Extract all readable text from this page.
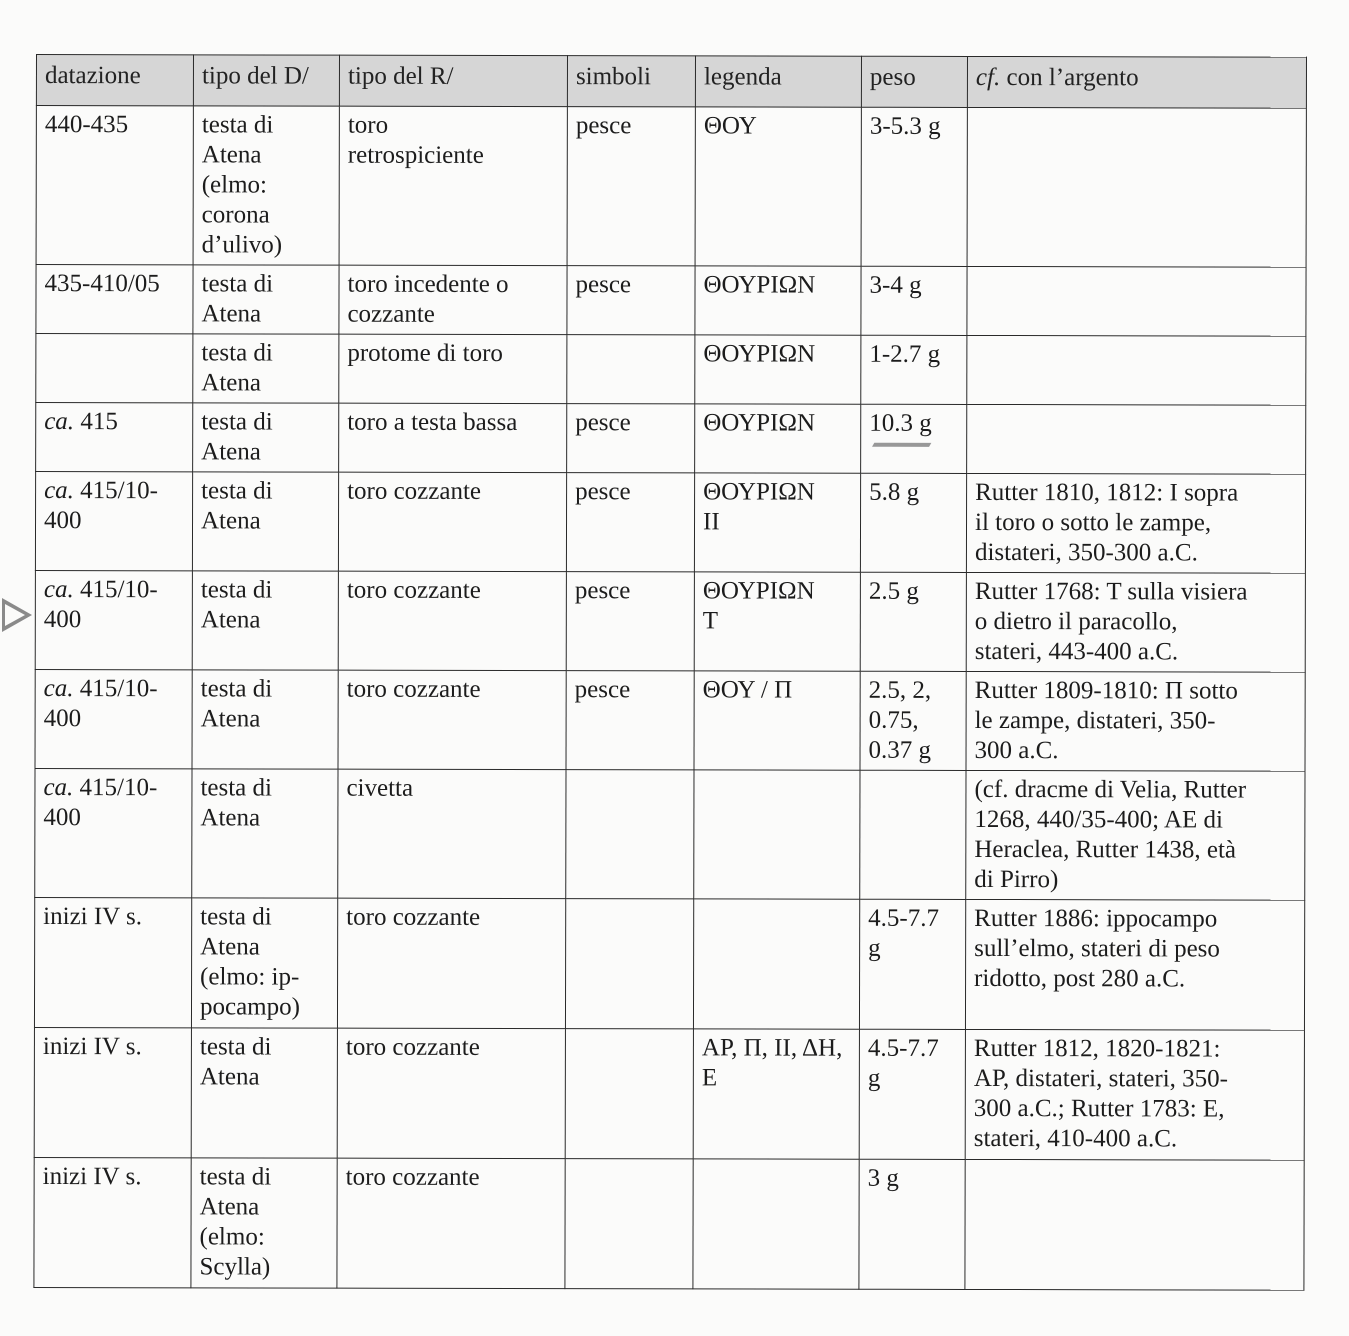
datazione	tipo del D/	tipo del R/	simboli	legenda	peso	cf. con l’argento

440-435	testa di
Atena
(elmo:
corona
d’ulivo)	toro
retrospiciente	pesce	ΘΟΥ	3-5.3 g	

435-410/05	testa di
Atena	toro incedente o
cozzante	pesce	ΘΟΥΡΙΩΝ	3-4 g	

	testa di
Atena	protome di toro		ΘΟΥΡΙΩΝ	1-2.7 g	

ca. 415	testa di
Atena	toro a testa bassa	pesce	ΘΟΥΡΙΩΝ	10.3 g	

ca. 415/10-
400	testa di
Atena	toro cozzante	pesce	ΘΟΥΡΙΩΝ
ΙΙ	5.8 g	Rutter 1810, 1812: I sopra
il toro o sotto le zampe,
distateri, 350-300 a.C.

ca. 415/10-
400	testa di
Atena	toro cozzante	pesce	ΘΟΥΡΙΩΝ
T	2.5 g	Rutter 1768: T sulla visiera
o dietro il paracollo,
stateri, 443-400 a.C.

ca. 415/10-
400	testa di
Atena	toro cozzante	pesce	ΘΟΥ / Π	2.5, 2,
0.75,
0.37 g	Rutter 1809-1810: Π sotto
le zampe, distateri, 350-
300 a.C.

ca. 415/10-
400	testa di
Atena	civetta				(cf. dracme di Velia, Rutter
1268, 440/35-400; AE di
Heraclea, Rutter 1438, età
di Pirro)

inizi IV s.	testa di
Atena
(elmo: ip-
pocampo)	toro cozzante			4.5-7.7
g	Rutter 1886: ippocampo
sull’elmo, stateri di peso
ridotto, post 280 a.C.

inizi IV s.	testa di
Atena	toro cozzante		ΑΡ, Π, ΙΙ, ΔΗ,
E	4.5-7.7
g	Rutter 1812, 1820-1821:
ΑΡ, distateri, stateri, 350-
300 a.C.; Rutter 1783: E,
stateri, 410-400 a.C.

inizi IV s.	testa di
Atena
(elmo:
Scylla)	toro cozzante			3 g	
